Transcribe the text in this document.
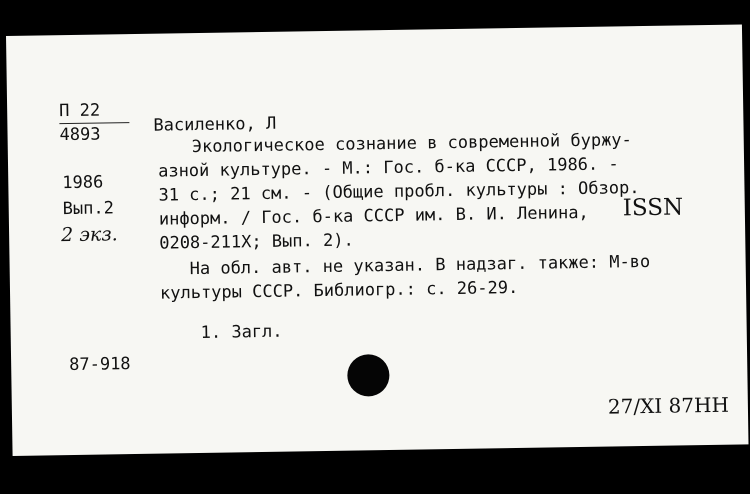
П 22
4893
1986
Вып.2
2 экз.
Василенко, Л
Экологическое сознание в современной буржу-
азной культуре. - М.: Гос. б-ка СССР, 1986. -
31 с.; 21 см. - (Общие пробл. культуры : Обзор.
информ. / Гос. б-ка СССР им. В. И. Ленина, ISSN
0208-211X; Вып. 2).
На обл. авт. не указан. В надзаг. также: М-во
культуры СССР. Библиогр.: с. 26-29.
1. Загл.
87-918
27/XI 87НН
